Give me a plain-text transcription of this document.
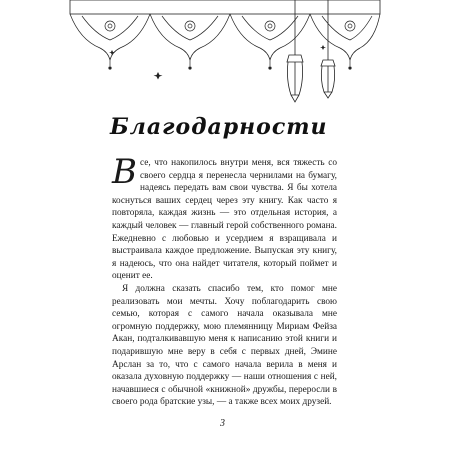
Благодарности

Все, что накопилось внутри меня, вся тяжесть со своего сердца я перенесла чернилами на бумагу, надеясь передать вам свои чувства. Я бы хотела коснуться ваших сердец через эту книгу. Как часто я повторяла, каждая жизнь — это отдельная история, а каждый человек — главный герой собственного романа. Ежедневно с любовью и усердием я взращивала и выстраивала каждое предложение. Выпуская эту книгу, я надеюсь, что она найдет читателя, который поймет и оценит ее.

Я должна сказать спасибо тем, кто помог мне реализовать мои мечты. Хочу поблагодарить свою семью, которая с самого начала оказывала мне огромную поддержку, мою племянницу Мириам Фейза Акан, подталкивавшую меня к написанию этой книги и подарившую мне веру в себя с первых дней, Эмине Арслан за то, что с самого начала верила в меня и оказала духовную поддержку — наши отношения с ней, начавшиеся с обычной «книжной» дружбы, переросли в своего рода братские узы, — а также всех моих друзей.

3
